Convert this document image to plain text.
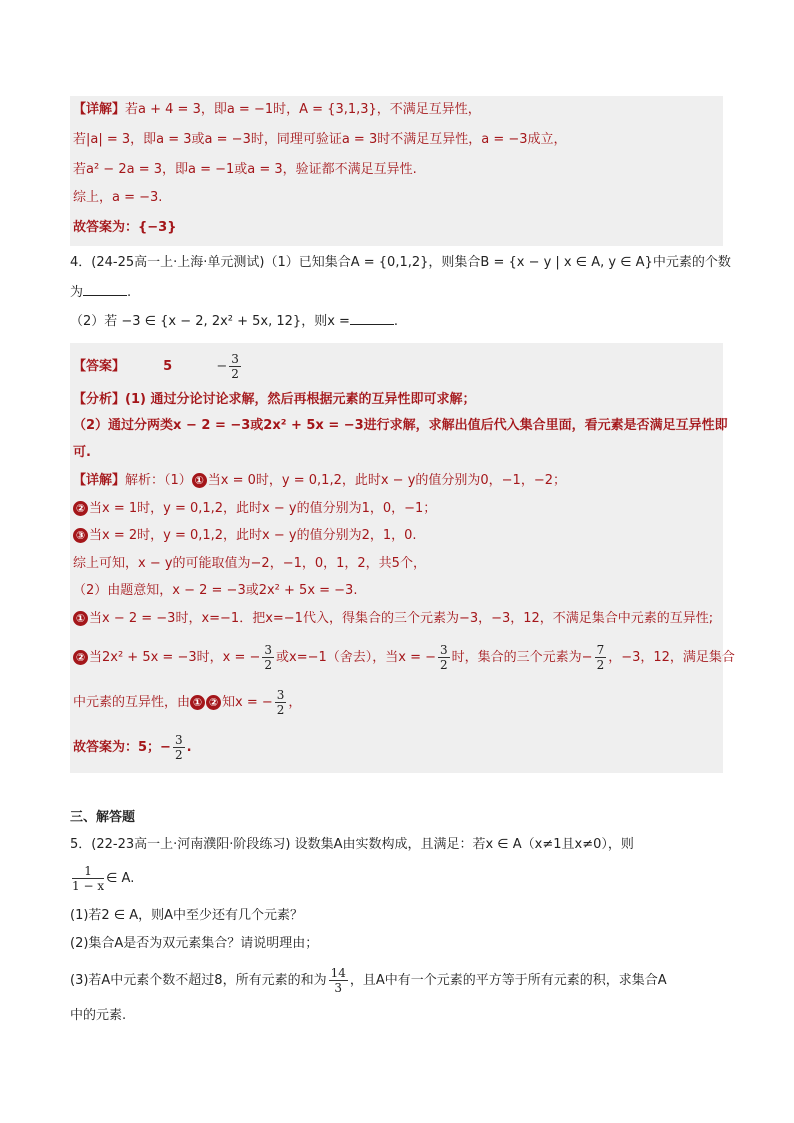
【详解】若a + 4 = 3，即a = −1时，A = {3,1,3}，不满足互异性，
若|a| = 3，即a = 3或a = −3时，同理可验证a = 3时不满足互异性，a = −3成立，
若a² − 2a = 3，即a = −1或a = 3，验证都不满足互异性.
综上，a = −3.
故答案为：{−3}
4．(24-25高一上·上海·单元测试)（1）已知集合A = {0,1,2}，则集合B = {x − y | x ∈ A, y ∈ A}中元素的个数
为	.
（2）若 −3 ∈ {x − 2, 2x² + 5x, 12}，则x =	.
【答案】	5	− $\frac{3}{2}$
【分析】(1) 通过分论讨论求解，然后再根据元素的互异性即可求解；
（2）通过分两类x − 2 = −3或2x² + 5x = −3进行求解，求解出值后代入集合里面，看元素是否满足互异性即
可.
【详解】解析：（1） ① 当x = 0时，y = 0,1,2，此时x − y的值分别为0，−1，−2；
② 当x = 1时，y = 0,1,2，此时x − y的值分别为1，0，−1；
③ 当x = 2时，y = 0,1,2，此时x − y的值分别为2，1，0.
综上可知，x − y的可能取值为−2，−1，0，1，2，共5个，
（2）由题意知，x − 2 = −3或2x² + 5x = −3.
① 当x − 2 = −3时，x=−1．把x=−1代入，得集合的三个元素为−3，−3，12，不满足集合中元素的互异性;
② 当2x² + 5x = −3时，x = − $\frac{3}{2}$ 或x=−1（舍去），当x = − $\frac{3}{2}$ 时，集合的三个元素为− $\frac{7}{2}$ ，−3，12，满足集合
中元素的互异性，由 ① ② 知x = − $\frac{3}{2}$ ，
故答案为：5；− $\frac{3}{2}$ .
三、解答题
5．(22-23高一上·河南濮阳·阶段练习) 设数集A由实数构成，且满足：若x ∈ A（x≠1且x≠0），则
$\frac{1}{1 - x}$ ∈ A.
(1)若2 ∈ A，则A中至少还有几个元素？
(2)集合A是否为双元素集合？请说明理由；
(3)若A中元素个数不超过8，所有元素的和为 $\frac{14}{3}$ ，且A中有一个元素的平方等于所有元素的积，求集合A
中的元素.
